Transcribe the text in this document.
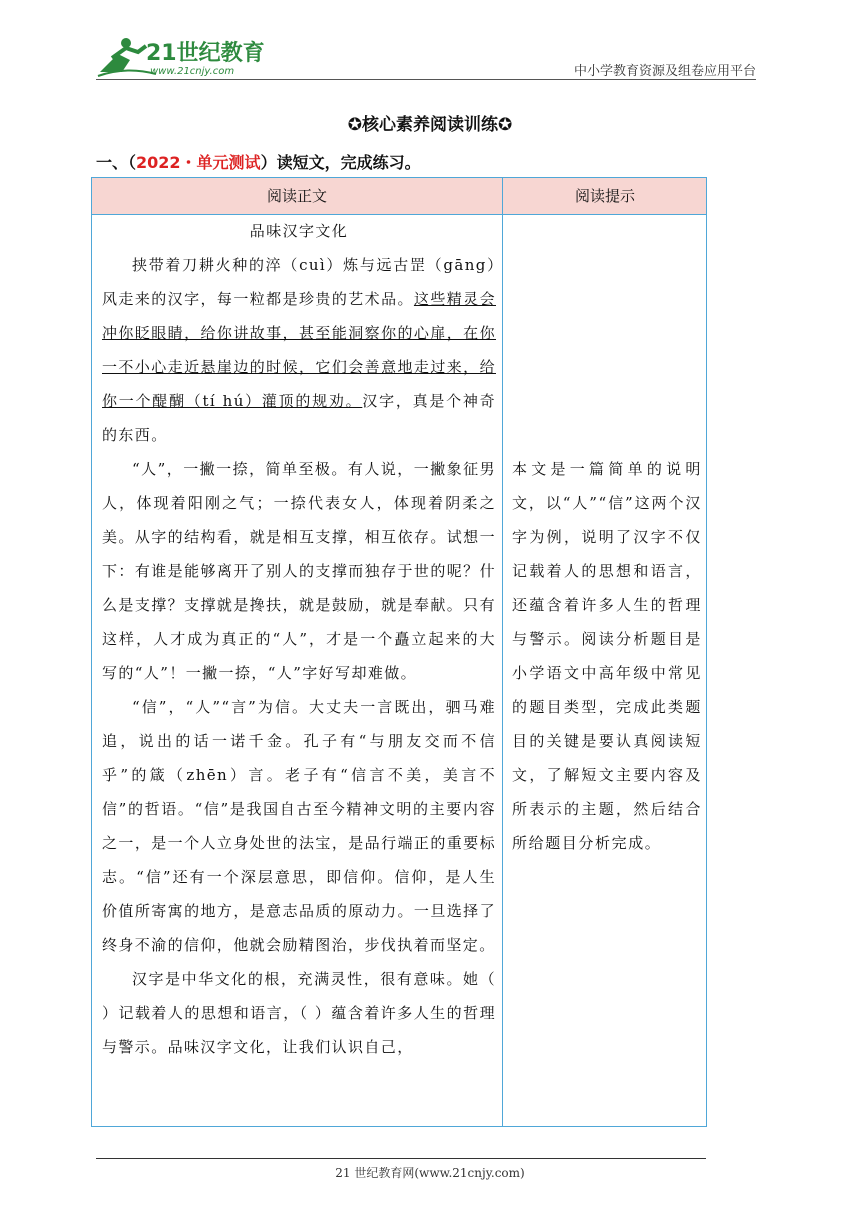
21世纪教育
www.21cnjy.com	中小学教育资源及组卷应用平台
✪核心素养阅读训练✪
一、（2022・单元测试）读短文，完成练习。
阅读正文	阅读提示
品味汉字文化

挟带着刀耕火种的淬（cuì）炼与远古罡（gāng）风走来的汉字，每一粒都是珍贵的艺术品。这些精灵会冲你眨眼睛，给你讲故事，甚至能洞察你的心扉，在你一不小心走近悬崖边的时候，它们会善意地走过来，给你一个醍醐（tí hú）灌顶的规劝。汉字，真是个神奇的东西。

“人”，一撇一捺，简单至极。有人说，一撇象征男人，体现着阳刚之气；一捺代表女人，体现着阴柔之美。从字的结构看，就是相互支撑，相互依存。试想一下：有谁是能够离开了别人的支撑而独存于世的呢？什么是支撑？支撑就是搀扶，就是鼓励，就是奉献。只有这样，人才成为真正的“人”，才是一个矗立起来的大写的“人”！一撇一捺，“人”字好写却难做。

“信”，“人”“言”为信。大丈夫一言既出，驷马难追，说出的话一诺千金。孔子有“与朋友交而不信乎”的箴（zhēn）言。老子有“信言不美，美言不信”的哲语。“信”是我国自古至今精神文明的主要内容之一，是一个人立身处世的法宝，是品行端正的重要标志。“信”还有一个深层意思，即信仰。信仰，是人生价值所寄寓的地方，是意志品质的原动力。一旦选择了终身不渝的信仰，他就会励精图治，步伐执着而坚定。

汉字是中华文化的根，充满灵性，很有意味。她（ ）记载着人的思想和语言，（ ）蕴含着许多人生的哲理与警示。品味汉字文化，让我们认识自己，

本文是一篇简单的说明文，以“人”“信”这两个汉字为例，说明了汉字不仅记载着人的思想和语言，还蕴含着许多人生的哲理与警示。阅读分析题目是小学语文中高年级中常见的题目类型，完成此类题目的关键是要认真阅读短文，了解短文主要内容及所表示的主题，然后结合所给题目分析完成。
21 世纪教育网(www.21cnjy.com)
